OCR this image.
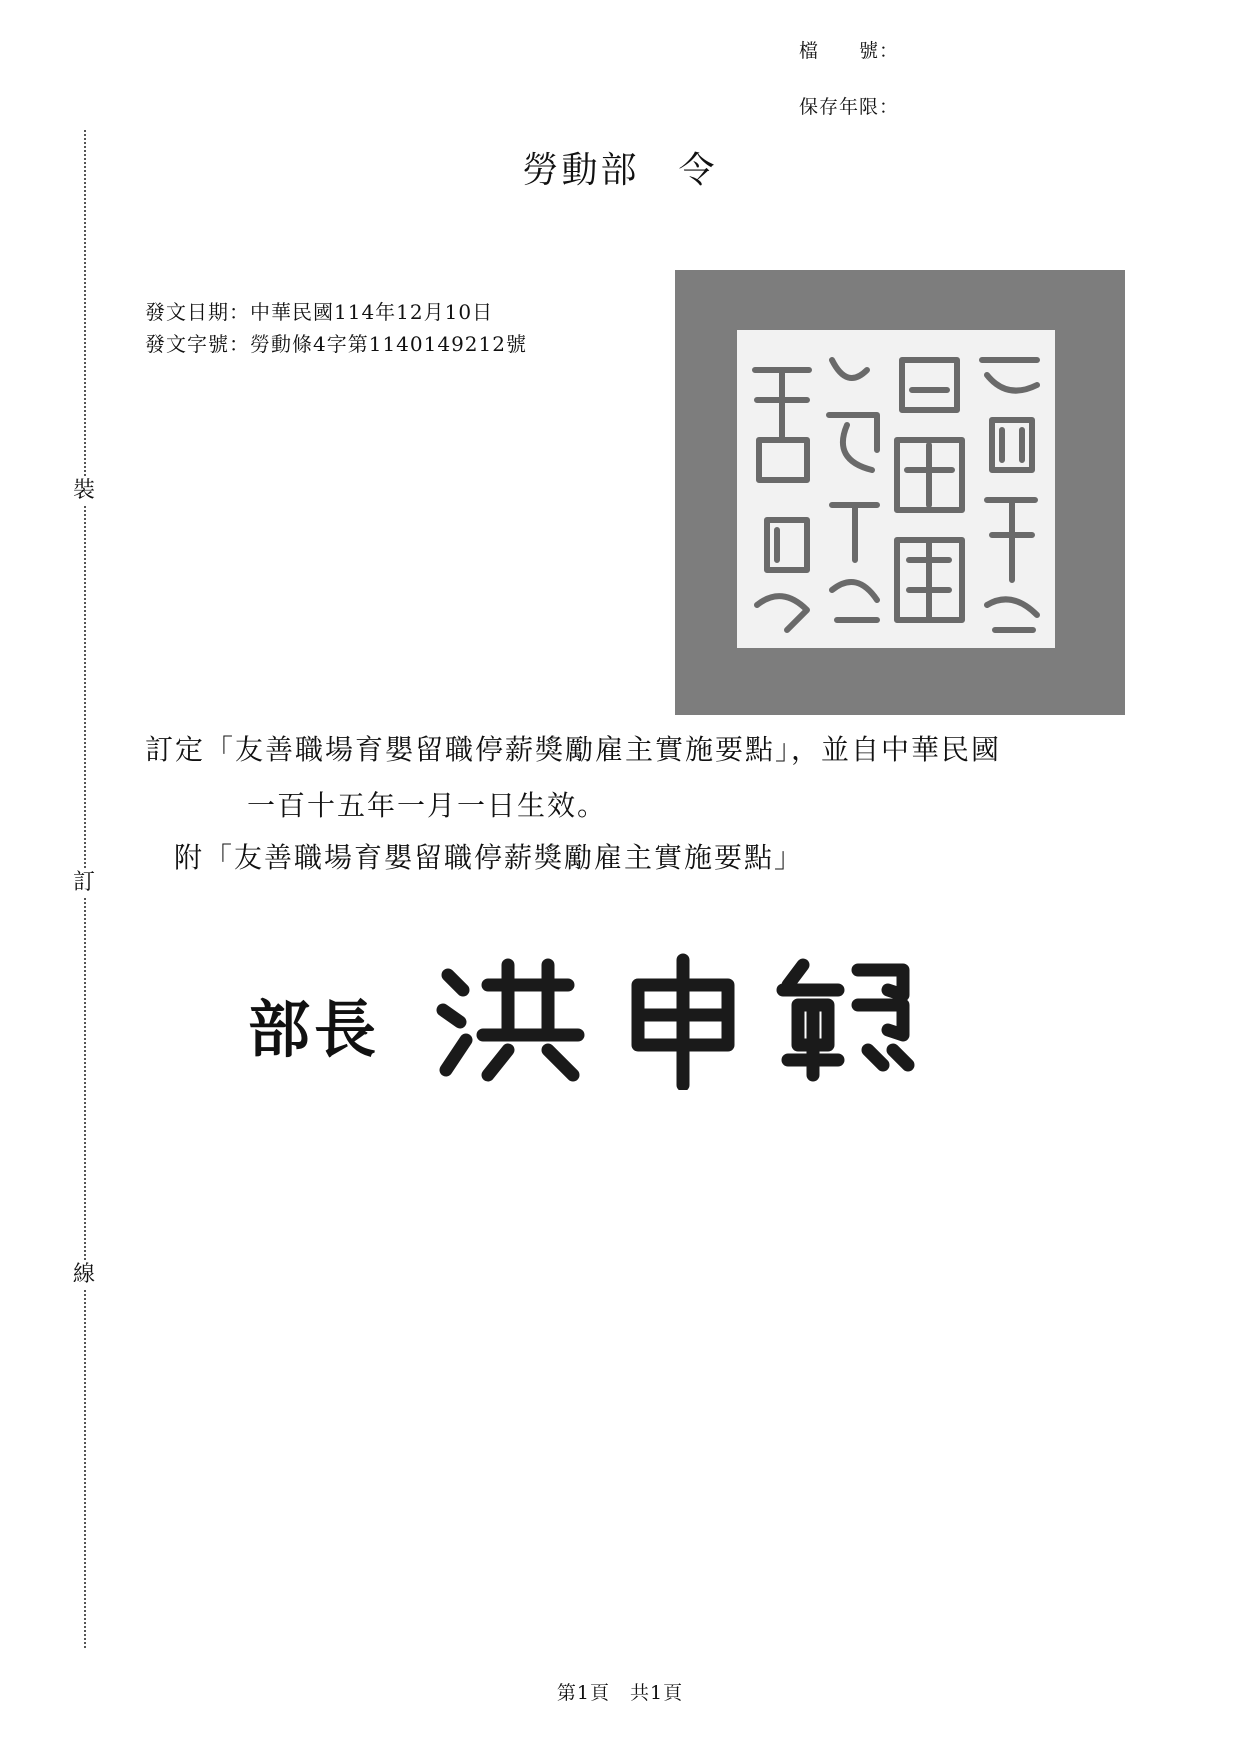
檔　　號：
保存年限：
裝
訂
線
勞動部　令
發文日期：中華民國114年12月10日
發文字號：勞動條4字第1140149212號
訂定「友善職場育嬰留職停薪獎勵雇主實施要點」，並自中華民國
一百十五年一月一日生效。
附「友善職場育嬰留職停薪獎勵雇主實施要點」
部長
第1頁　共1頁
